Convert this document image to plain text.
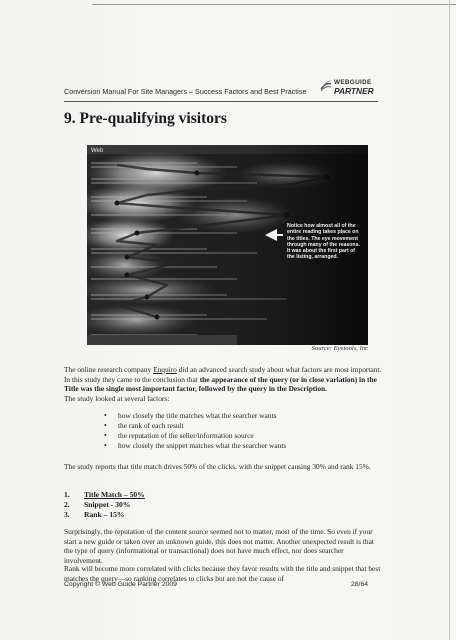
Conversion Manual For Site Managers – Success Factors and Best Practise
WEBGUIDE
PARTNER
9. Pre-qualifying visitors
Notice how almost all of the entire reading takes place on the titles. The eye movement through many of the reasons. It was about the first part of the listing, arranged.
Source: Eyetools, Inc

The online research company Enquiro did an advanced search study about what factors are most important. In this study they came to the conclusion that the appearance of the query (or in close variation) in the Title was the single most important factor, followed by the query in the Description.

The study looked at several factors:

• how closely the title matches what the searcher wants
• the rank of each result
• the reputation of the seller/information source
• how closely the snippet matches what the searcher wants

The study reports that title match drives 50% of the clicks, with the snippet causing 30% and rank 15%.

1. Title Match – 50%
2. Snippet - 30%
3. Rank – 15%

Surprisingly, the reputation of the content source seemed not to matter, most of the time. So even if your start a new guide or taken over an unknown guide, this does not matter. Another unexpected result is that the type of query (informational or transactional) does not have much effect, nor does searcher involvement.

Rank will become more correlated with clicks because they favor results with the title and snippet that best matches the query—so ranking correlates to clicks but are not the cause of

Copyright © Web Guide Partner 2009	28/64
